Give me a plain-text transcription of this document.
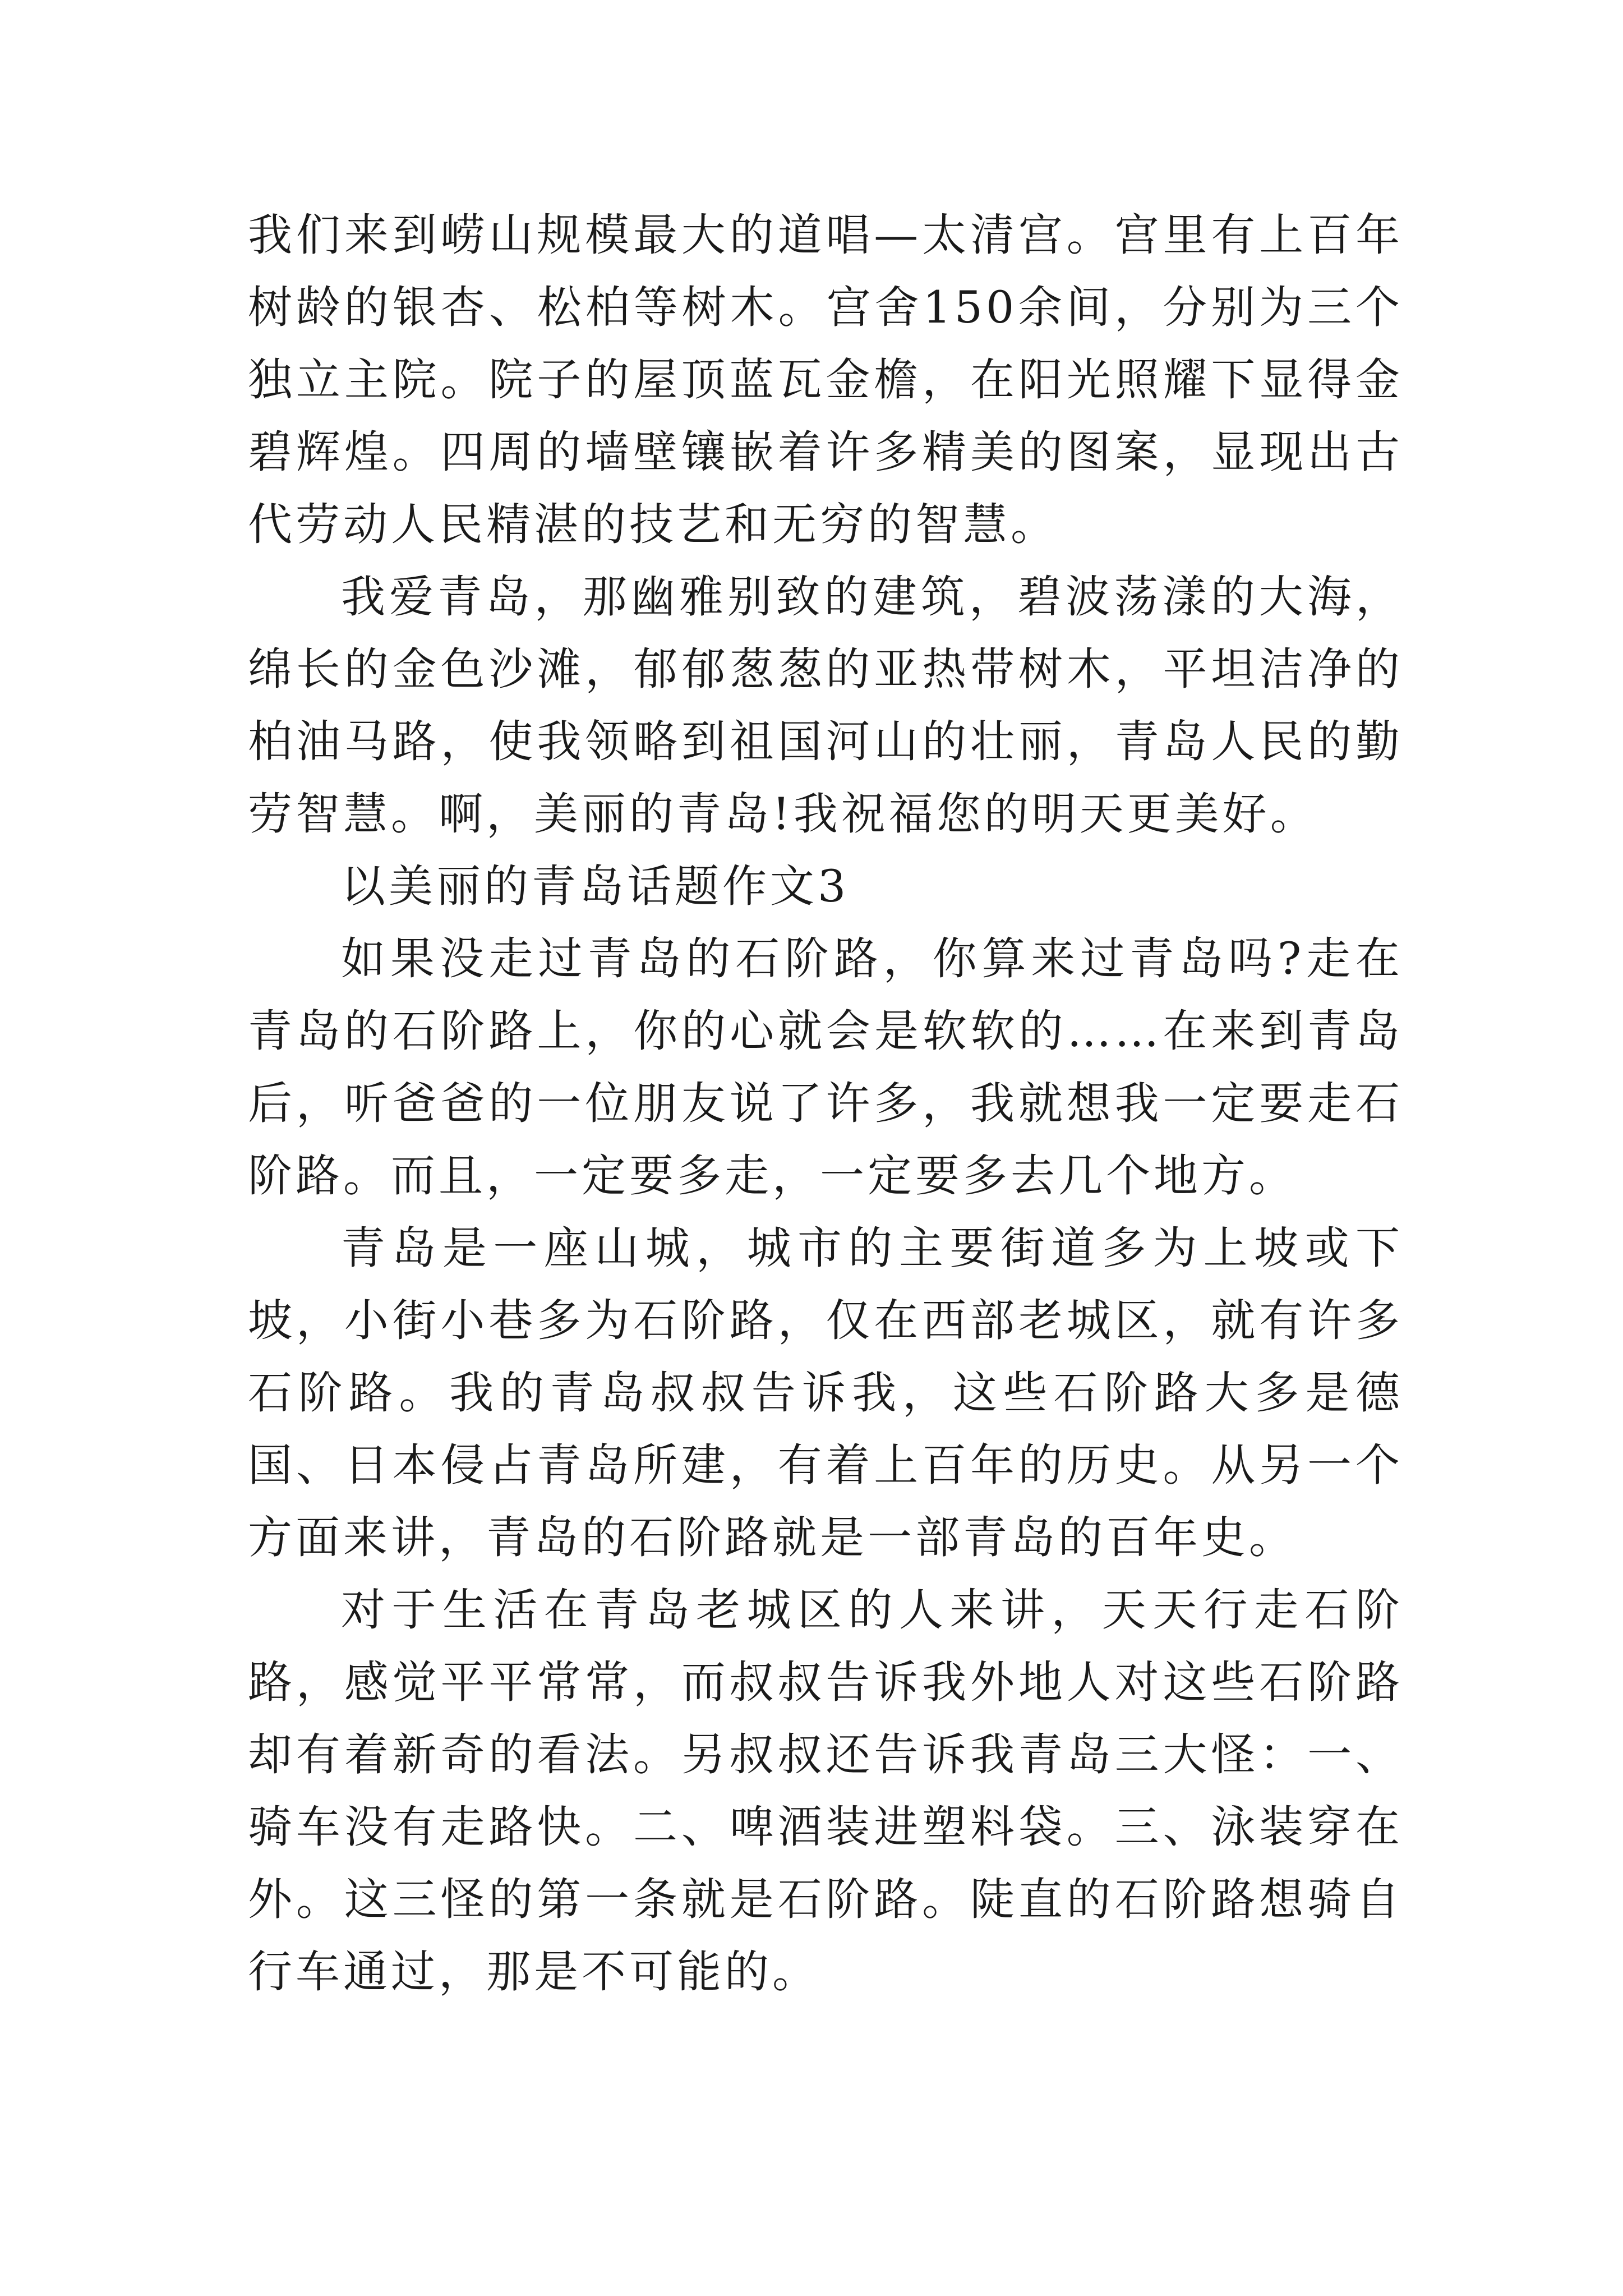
我们来到崂山规模最大的道唱—太清宫。宫里有上百年树龄的银杏、松柏等树木。宫舍150余间，分别为三个独立主院。院子的屋顶蓝瓦金檐，在阳光照耀下显得金碧辉煌。四周的墙壁镶嵌着许多精美的图案，显现出古代劳动人民精湛的技艺和无穷的智慧。

我爱青岛，那幽雅别致的建筑，碧波荡漾的大海，绵长的金色沙滩，郁郁葱葱的亚热带树木，平坦洁净的柏油马路，使我领略到祖国河山的壮丽，青岛人民的勤劳智慧。啊，美丽的青岛!我祝福您的明天更美好。

以美丽的青岛话题作文3

如果没走过青岛的石阶路，你算来过青岛吗?走在青岛的石阶路上，你的心就会是软软的……在来到青岛后，听爸爸的一位朋友说了许多，我就想我一定要走石阶路。而且，一定要多走，一定要多去几个地方。

青岛是一座山城，城市的主要街道多为上坡或下坡，小街小巷多为石阶路，仅在西部老城区，就有许多石阶路。我的青岛叔叔告诉我，这些石阶路大多是德国、日本侵占青岛所建，有着上百年的历史。从另一个方面来讲，青岛的石阶路就是一部青岛的百年史。

对于生活在青岛老城区的人来讲，天天行走石阶路，感觉平平常常，而叔叔告诉我外地人对这些石阶路却有着新奇的看法。另叔叔还告诉我青岛三大怪：一、骑车没有走路快。二、啤酒装进塑料袋。三、泳装穿在外。这三怪的第一条就是石阶路。陡直的石阶路想骑自行车通过，那是不可能的。
